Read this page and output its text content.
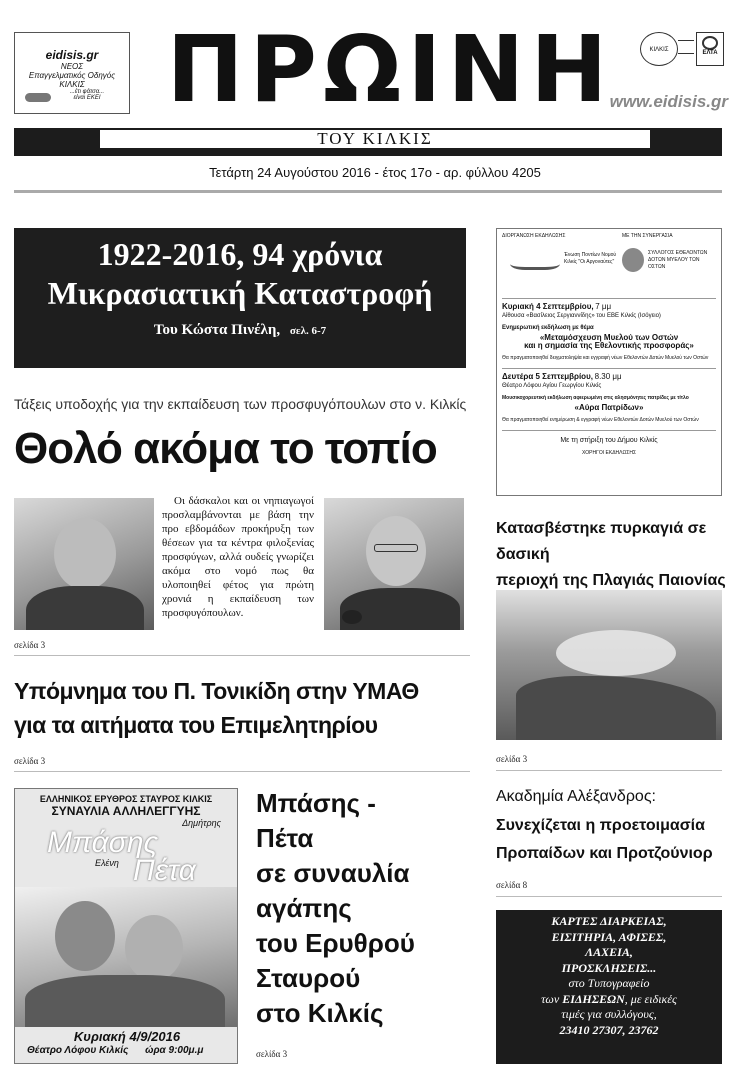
eidisis.gr
ΝΕΟΣ
Επαγγελματικός Οδηγός
ΚΙΛΚΙΣ
...έτι φάτσα...
είναι ΕΚΕΙ ΠΡΩΙΝΗ	ΚΙΛΚΙΣ	ΕΛΤΑ
www.eidisis.gr
ΤΟΥ ΚΙΛΚΙΣ
Τετάρτη 24 Αυγούστου 2016 - έτος 17ο - αρ. φύλλου 4205
1922-2016, 94 χρόνια
Μικρασιατική Καταστροφή
Του Κώστα Πινέλη, σελ. 6-7
Τάξεις υποδοχής για την εκπαίδευση των προσφυγόπουλων στο ν. Κιλκίς
Θολό ακόμα το τοπίο
Οι δάσκαλοι και οι νηπιαγωγοί προσλαμβάνονται με βάση την προ εβδομάδων προκήρυξη των θέσεων για τα κέντρα φιλοξενίας προσφύγων, αλλά ουδείς γνωρίζει ακόμα στο νομό πως θα υλοποιηθεί φέτος για πρώτη χρονιά η εκπαίδευση των προσφυγόπουλων.
σελίδα 3
Υπόμνημα του Π. Τονικίδη στην ΥΜΑΘ
για τα αιτήματα του Επιμελητηρίου
σελίδα 3
ΕΛΛΗΝΙΚΟΣ ΕΡΥΘΡΟΣ ΣΤΑΥΡΟΣ ΚΙΛΚΙΣ
ΣΥΝΑΥΛΙΑ ΑΛΛΗΛΕΓΓΥΗΣ
Δημήτρης
Μπάσης
Ελένη Πέτα
Κυριακή 4/9/2016
Θέατρο Λόφου Κιλκίς ώρα 9:00μ.μ
Μπάσης -
Πέτα
σε συναυλία
αγάπης
του Ερυθρού
Σταυρού
στο Κιλκίς
σελίδα 3
ΔΙΟΡΓΑΝΩΣΗ ΕΚΔΗΛΩΣΗΣ	ΜΕ ΤΗΝ ΣΥΝΕΡΓΑΣΙΑ
Ένωση Ποντίων Νομού Κιλκίς "Οι Αργοναύτες"
ΣΥΛΛΟΓΟΣ ΕΘΕΛΟΝΤΩΝ ΔΟΤΩΝ ΜΥΕΛΟΥ ΤΩΝ ΟΣΤΩΝ
Κυριακή 4 Σεπτεμβρίου, 7 μμ
Αίθουσα «Βασίλειος Σεργιαννίδης» του ΕΒΕ Κιλκίς (Ισόγειο)
Ενημερωτική εκδήλωση με θέμα
«Μεταμόσχευση Μυελού των Οστών
και η σημασία της Εθελοντικής προσφοράς»
Θα πραγματοποιηθεί δειγματοληψία και εγγραφή νέων Εθελοντών Δοτών Μυελού των Οστών
Δευτέρα 5 Σεπτεμβρίου, 8.30 μμ
Θέατρο Λόφου Αγίου Γεωργίου Κιλκίς
Μουσικοχορευτική εκδήλωση αφιερωμένη στις αλησμόνητες πατρίδες με τίτλο
«Αύρα Πατρίδων»
Θα πραγματοποιηθεί ενημέρωση & εγγραφή νέων Εθελοντών Δοτών Μυελού των Οστών
Με τη στήριξη του Δήμου Κιλκίς
ΧΟΡΗΓΟΙ ΕΚΔΗΛΩΣΗΣ
Κατασβέστηκε πυρκαγιά σε δασική
περιοχή της Πλαγιάς Παιονίας
σελίδα 3
Ακαδημία Αλέξανδρος:
Συνεχίζεται η προετοιμασία
Προπαίδων και Προτζούνιορ
σελίδα 8
ΚΑΡΤΕΣ ΔΙΑΡΚΕΙΑΣ,
ΕΙΣΙΤΗΡΙΑ, ΑΦΙΣΕΣ,
ΛΑΧΕΙΑ,
ΠΡΟΣΚΛΗΣΕΙΣ...
στο Τυπογραφείο
των ΕΙΔΗΣΕΩΝ, με ειδικές
τιμές για συλλόγους,
23410 27307, 23762
